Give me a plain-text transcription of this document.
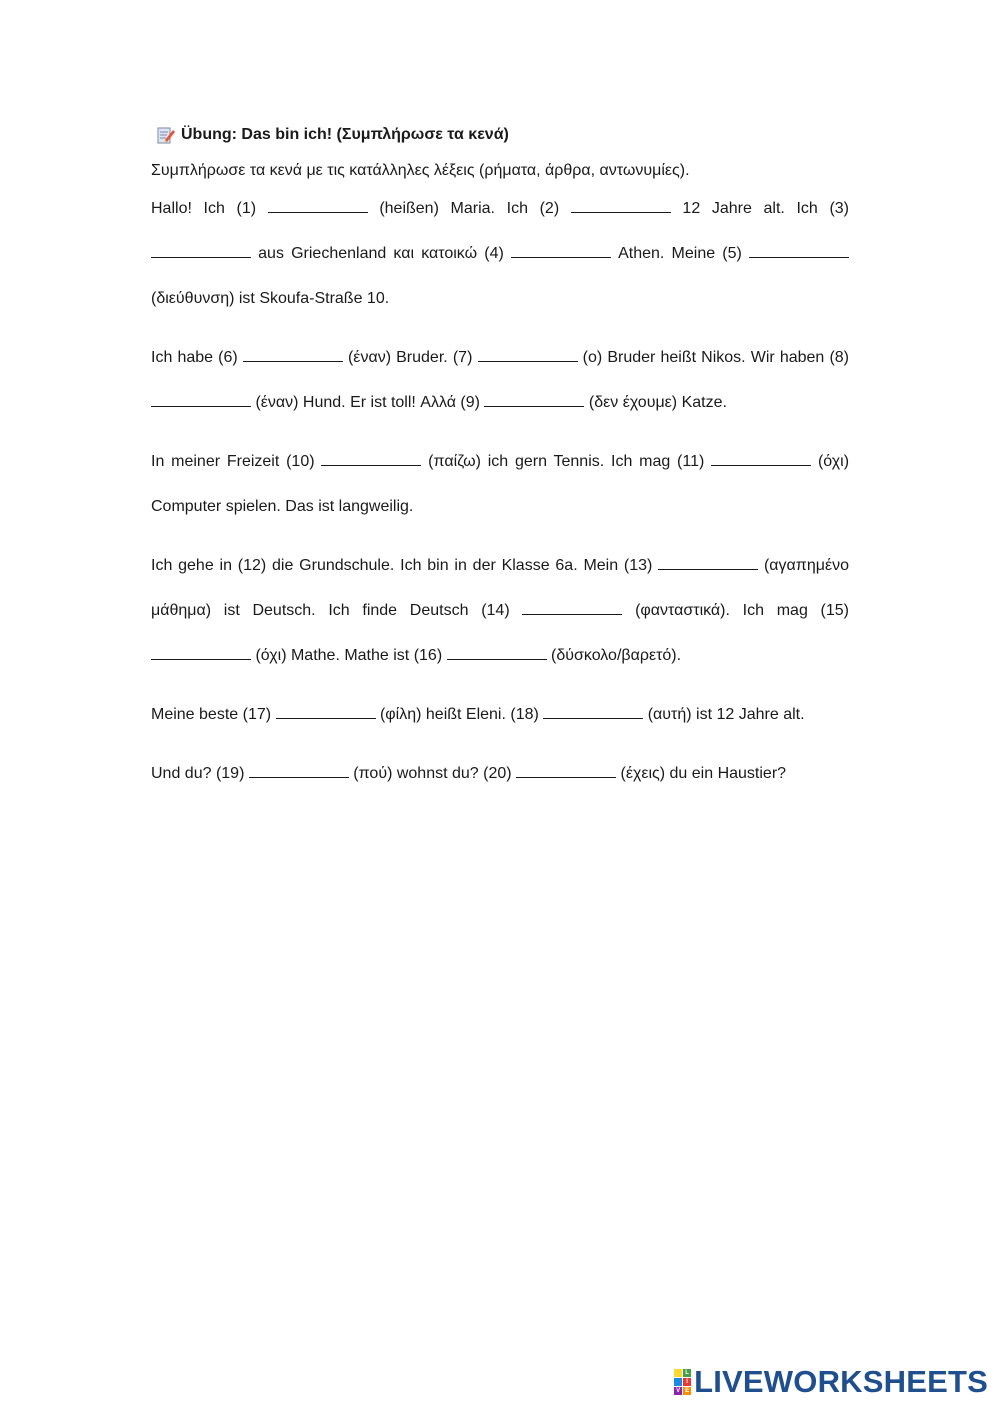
Übung: Das bin ich! (Συμπλήρωσε τα κενά)
Συμπλήρωσε τα κενά με τις κατάλληλες λέξεις (ρήματα, άρθρα, αντωνυμίες).

Hallo! Ich (1)	(heißen) Maria. Ich (2)	12 Jahre alt. Ich (3)  aus Griechenland και κατοικώ (4)	Athen. Meine (5)  (διεύθυνση) ist Skoufa-Straße 10.

Ich habe (6)	(έναν) Bruder. (7)	(ο) Bruder heißt Nikos. Wir haben (8)  (έναν) Hund. Er ist toll! Αλλά (9)	(δεν έχουμε) Katze.

In meiner Freizeit (10)	(παίζω) ich gern Tennis. Ich mag (11)	(όχι) Computer spielen. Das ist langweilig.

Ich gehe in (12) die Grundschule. Ich bin in der Klasse 6a. Mein (13)	(αγαπημένο μάθημα) ist Deutsch. Ich finde Deutsch (14)	(φανταστικά). Ich mag (15)  (όχι) Mathe. Mathe ist (16)	(δύσκολο/βαρετό).

Meine beste (17)	(φίλη) heißt Eleni. (18)	(αυτή) ist 12 Jahre alt.

Und du? (19)	(πού) wohnst du? (20)	(έχεις) du ein Haustier?

L
I
V E LIVEWORKSHEETS
